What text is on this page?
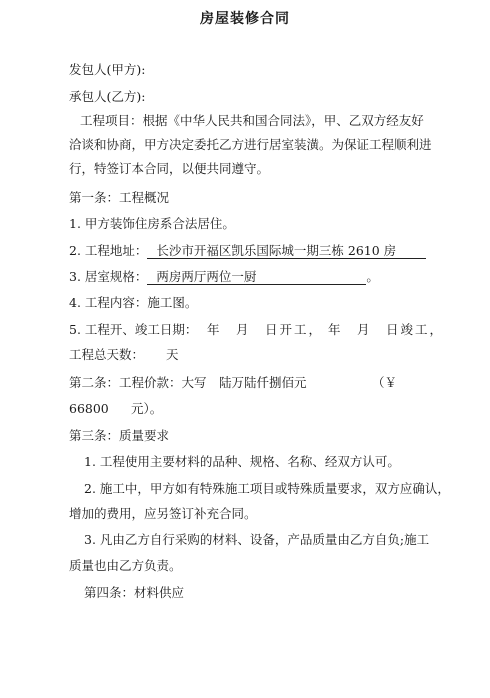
房屋装修合同
发包人(甲方):
承包人(乙方):
工程项目：根据《中华人民共和国合同法》，甲、乙双方经友好
洽谈和协商，甲方决定委托乙方进行居室装潢。为保证工程顺利进
行，特签订本合同，以便共同遵守。
第一条：工程概况
1. 甲方装饰住房系合法居住。
2. 工程地址： 长沙市开福区凯乐国际城一期三栋 2610 房
3. 居室规格： 两房两厅两位一厨	。
4. 工程内容：施工图。
5. 工程开、竣工日期： 年　月　日开工， 年　月　日竣工，
工程总天数： 天
第二条：工程价款：大写　陆万陆仟捌佰元	（￥
66800 元）。
第三条：质量要求
1. 工程使用主要材料的品种、规格、名称、经双方认可。
2. 施工中，甲方如有特殊施工项目或特殊质量要求，双方应确认，
增加的费用，应另签订补充合同。
3. 凡由乙方自行采购的材料、设备，产品质量由乙方自负;施工
质量也由乙方负责。
第四条：材料供应
